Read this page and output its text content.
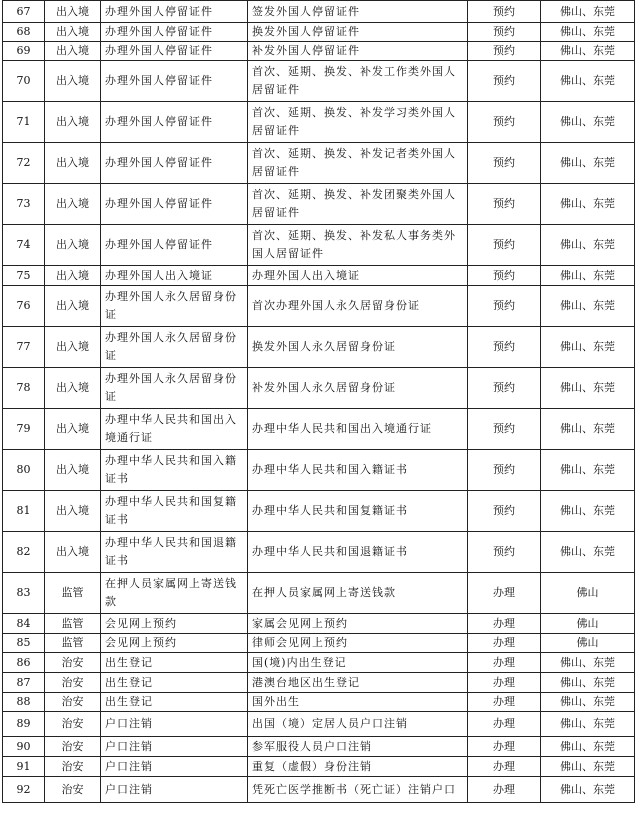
67	出入境	办理外国人停留证件	签发外国人停留证件	预约	佛山、东莞
68	出入境	办理外国人停留证件	换发外国人停留证件	预约	佛山、东莞
69	出入境	办理外国人停留证件	补发外国人停留证件	预约	佛山、东莞
70	出入境	办理外国人停留证件	首次、延期、换发、补发工作类外国人居留证件	预约	佛山、东莞
71	出入境	办理外国人停留证件	首次、延期、换发、补发学习类外国人居留证件	预约	佛山、东莞
72	出入境	办理外国人停留证件	首次、延期、换发、补发记者类外国人居留证件	预约	佛山、东莞
73	出入境	办理外国人停留证件	首次、延期、换发、补发团聚类外国人居留证件	预约	佛山、东莞
74	出入境	办理外国人停留证件	首次、延期、换发、补发私人事务类外国人居留证件	预约	佛山、东莞
75	出入境	办理外国人出入境证	办理外国人出入境证	预约	佛山、东莞
76	出入境	办理外国人永久居留身份证	首次办理外国人永久居留身份证	预约	佛山、东莞
77	出入境	办理外国人永久居留身份证	换发外国人永久居留身份证	预约	佛山、东莞
78	出入境	办理外国人永久居留身份证	补发外国人永久居留身份证	预约	佛山、东莞
79	出入境	办理中华人民共和国出入境通行证	办理中华人民共和国出入境通行证	预约	佛山、东莞
80	出入境	办理中华人民共和国入籍证书	办理中华人民共和国入籍证书	预约	佛山、东莞
81	出入境	办理中华人民共和国复籍证书	办理中华人民共和国复籍证书	预约	佛山、东莞
82	出入境	办理中华人民共和国退籍证书	办理中华人民共和国退籍证书	预约	佛山、东莞
83	监管	在押人员家属网上寄送钱款	在押人员家属网上寄送钱款	办理	佛山
84	监管	会见网上预约	家属会见网上预约	办理	佛山
85	监管	会见网上预约	律师会见网上预约	办理	佛山
86	治安	出生登记	国(境)内出生登记	办理	佛山、东莞
87	治安	出生登记	港澳台地区出生登记	办理	佛山、东莞
88	治安	出生登记	国外出生	办理	佛山、东莞
89	治安	户口注销	出国（境）定居人员户口注销	办理	佛山、东莞
90	治安	户口注销	参军服役人员户口注销	办理	佛山、东莞
91	治安	户口注销	重复（虚假）身份注销	办理	佛山、东莞
92	治安	户口注销	凭死亡医学推断书（死亡证）注销户口	办理	佛山、东莞
